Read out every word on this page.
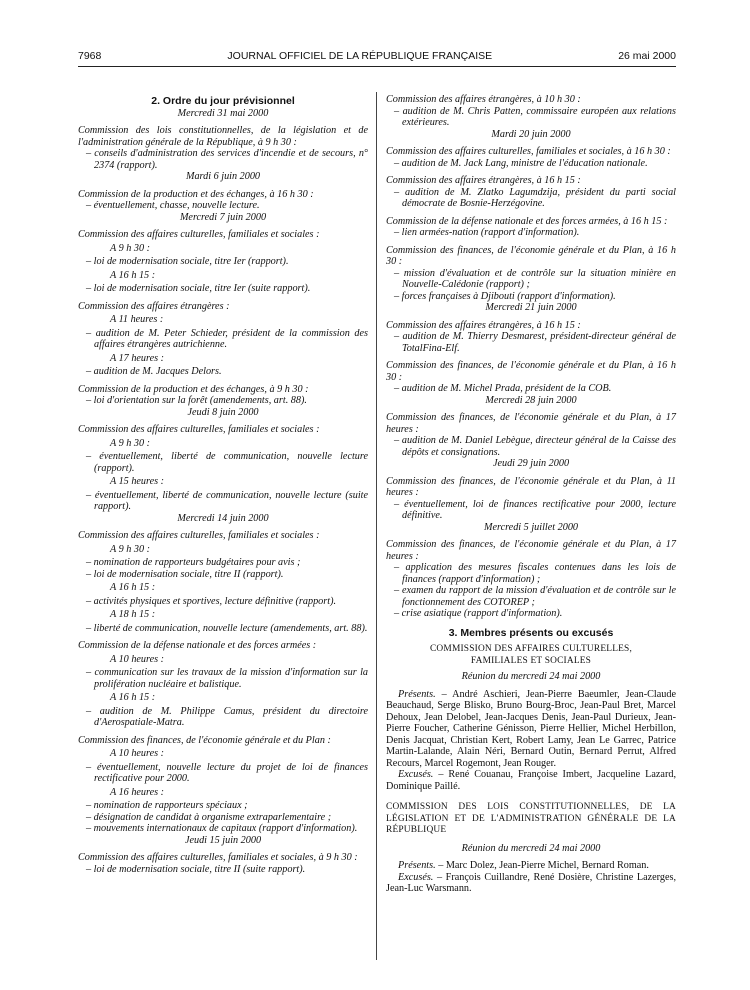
7968	JOURNAL OFFICIEL DE LA RÉPUBLIQUE FRANÇAISE	26 mai 2000

2. Ordre du jour prévisionnel

Mercredi 31 mai 2000

Commission des lois constitutionnelles, de la législation et de l'administration générale de la République, à 9 h 30 :

– conseils d'administration des services d'incendie et de secours, n° 2374 (rapport).

Mardi 6 juin 2000

Commission de la production et des échanges, à 16 h 30 :

– éventuellement, chasse, nouvelle lecture.

Mercredi 7 juin 2000

Commission des affaires culturelles, familiales et sociales :

A 9 h 30 :

– loi de modernisation sociale, titre Ier (rapport).

A 16 h 15 :

– loi de modernisation sociale, titre Ier (suite rapport).

Commission des affaires étrangères :

A 11 heures :

– audition de M. Peter Schieder, président de la commission des affaires étrangères autrichienne.

A 17 heures :

– audition de M. Jacques Delors.

Commission de la production et des échanges, à 9 h 30 :

– loi d'orientation sur la forêt (amendements, art. 88).

Jeudi 8 juin 2000

Commission des affaires culturelles, familiales et sociales :

A 9 h 30 :

– éventuellement, liberté de communication, nouvelle lecture (rapport).

A 15 heures :

– éventuellement, liberté de communication, nouvelle lecture (suite rapport).

Mercredi 14 juin 2000

Commission des affaires culturelles, familiales et sociales :

A 9 h 30 :

– nomination de rapporteurs budgétaires pour avis ;

– loi de modernisation sociale, titre II (rapport).

A 16 h 15 :

– activités physiques et sportives, lecture définitive (rapport).

A 18 h 15 :

– liberté de communication, nouvelle lecture (amendements, art. 88).

Commission de la défense nationale et des forces armées :

A 10 heures :

– communication sur les travaux de la mission d'information sur la prolifération nucléaire et balistique.

A 16 h 15 :

– audition de M. Philippe Camus, président du directoire d'Aerospatiale-Matra.

Commission des finances, de l'économie générale et du Plan :

A 10 heures :

– éventuellement, nouvelle lecture du projet de loi de finances rectificative pour 2000.

A 16 heures :

– nomination de rapporteurs spéciaux ;

– désignation de candidat à organisme extraparlementaire ;

– mouvements internationaux de capitaux (rapport d'information).

Jeudi 15 juin 2000

Commission des affaires culturelles, familiales et sociales, à 9 h 30 :

– loi de modernisation sociale, titre II (suite rapport).

Commission des affaires étrangères, à 10 h 30 :

– audition de M. Chris Patten, commissaire européen aux relations extérieures.

Mardi 20 juin 2000

Commission des affaires culturelles, familiales et sociales, à 16 h 30 :

– audition de M. Jack Lang, ministre de l'éducation nationale.

Commission des affaires étrangères, à 16 h 15 :

– audition de M. Zlatko Lagumdzija, président du parti social démocrate de Bosnie-Herzégovine.

Commission de la défense nationale et des forces armées, à 16 h 15 :

– lien armées-nation (rapport d'information).

Commission des finances, de l'économie générale et du Plan, à 16 h 30 :

– mission d'évaluation et de contrôle sur la situation minière en Nouvelle-Calédonie (rapport) ;

– forces françaises à Djibouti (rapport d'information).

Mercredi 21 juin 2000

Commission des affaires étrangères, à 16 h 15 :

– audition de M. Thierry Desmarest, président-directeur général de TotalFina-Elf.

Commission des finances, de l'économie générale et du Plan, à 16 h 30 :

– audition de M. Michel Prada, président de la COB.

Mercredi 28 juin 2000

Commission des finances, de l'économie générale et du Plan, à 17 heures :

– audition de M. Daniel Lebègue, directeur général de la Caisse des dépôts et consignations.

Jeudi 29 juin 2000

Commission des finances, de l'économie générale et du Plan, à 11 heures :

– éventuellement, loi de finances rectificative pour 2000, lecture définitive.

Mercredi 5 juillet 2000

Commission des finances, de l'économie générale et du Plan, à 17 heures :

– application des mesures fiscales contenues dans les lois de finances (rapport d'information) ;

– examen du rapport de la mission d'évaluation et de contrôle sur le fonctionnement des COTOREP ;

– crise asiatique (rapport d'information).

3. Membres présents ou excusés

COMMISSION DES AFFAIRES CULTURELLES,

FAMILIALES ET SOCIALES

Réunion du mercredi 24 mai 2000

Présents. – André Aschieri, Jean-Pierre Baeumler, Jean-Claude Beauchaud, Serge Blisko, Bruno Bourg-Broc, Jean-Paul Bret, Marcel Dehoux, Jean Delobel, Jean-Jacques Denis, Jean-Paul Durieux, Jean-Pierre Foucher, Catherine Génisson, Pierre Hellier, Michel Herbillon, Denis Jacquat, Christian Kert, Robert Lamy, Jean Le Garrec, Patrice Martin-Lalande, Alain Néri, Bernard Outin, Bernard Perrut, Alfred Recours, Marcel Rogemont, Jean Rouger.

Excusés. – René Couanau, Françoise Imbert, Jacqueline Lazard, Dominique Paillé.

COMMISSION DES LOIS CONSTITUTIONNELLES, DE LA LÉGISLATION ET DE L'ADMINISTRATION GÉNÉRALE DE LA RÉPUBLIQUE

Réunion du mercredi 24 mai 2000

Présents. – Marc Dolez, Jean-Pierre Michel, Bernard Roman.

Excusés. – François Cuillandre, René Dosière, Christine Lazerges, Jean-Luc Warsmann.
